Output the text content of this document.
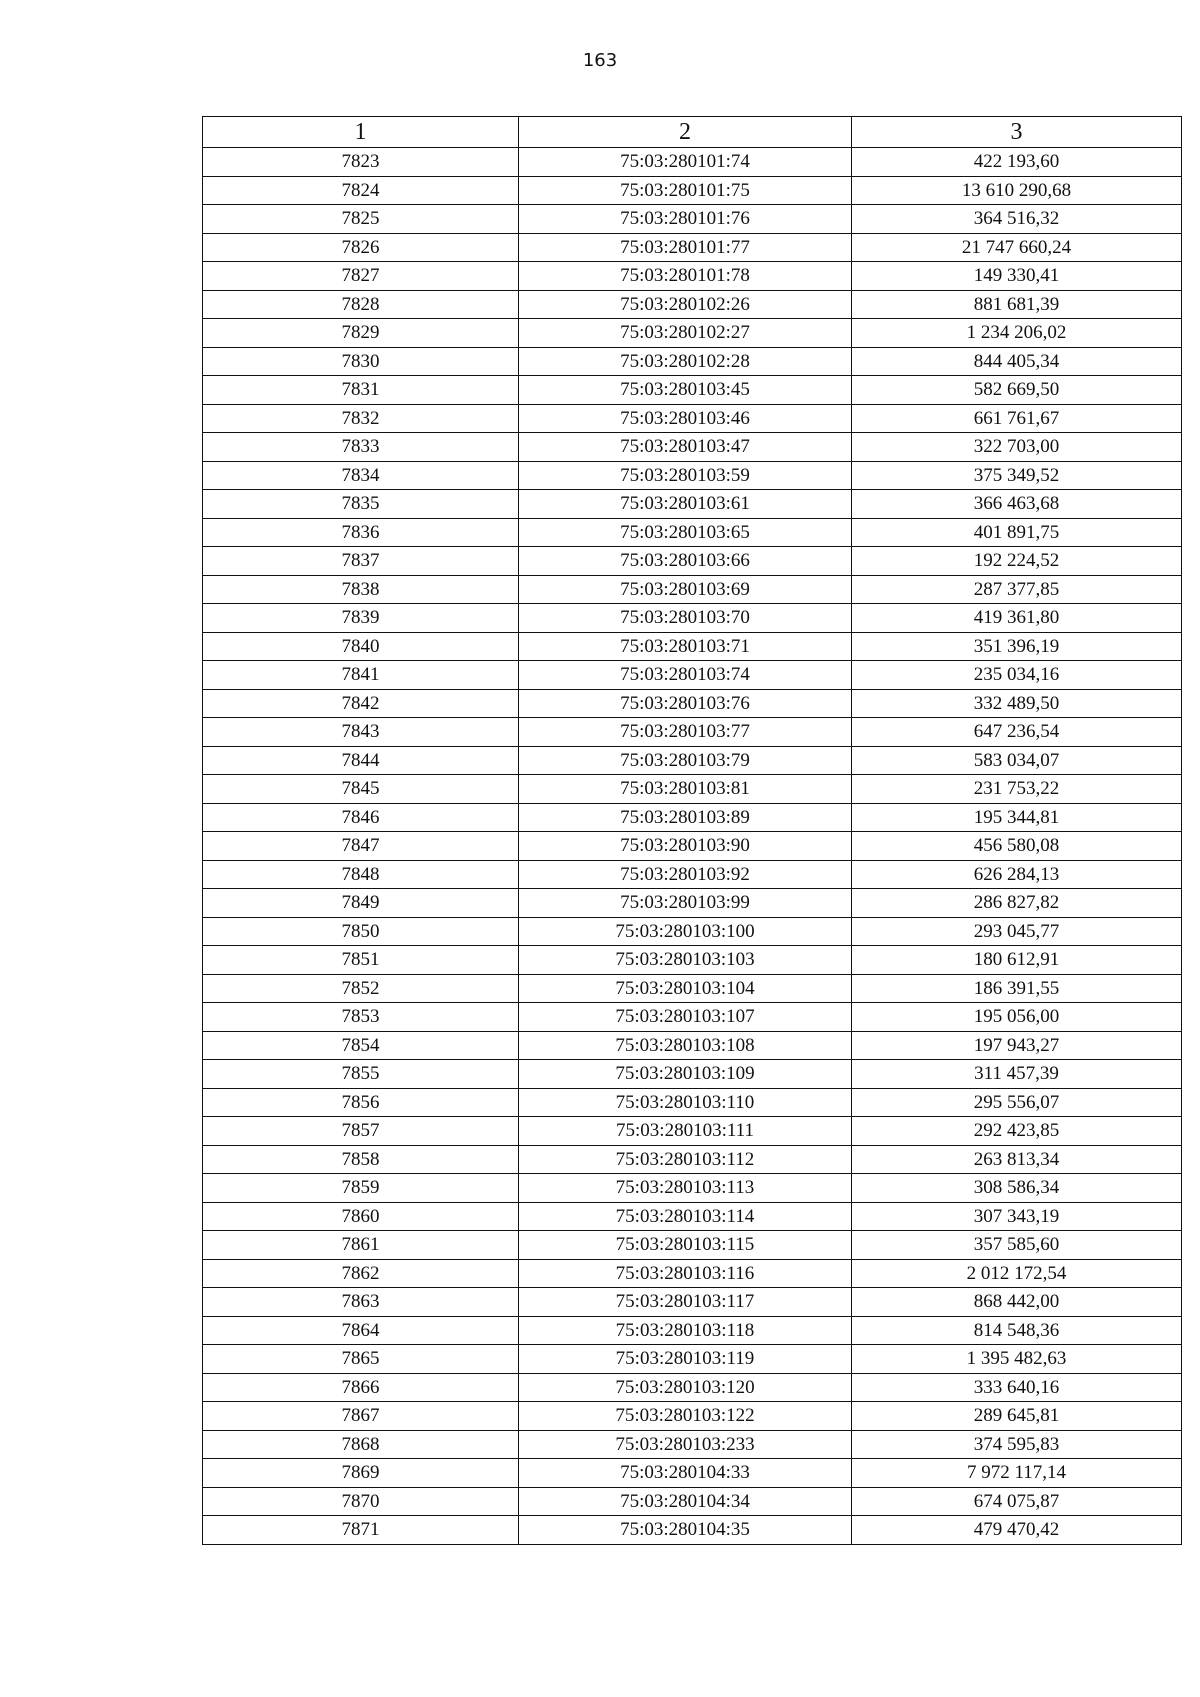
163
1	2	3
7823	75:03:280101:74	422 193,60
7824	75:03:280101:75	13 610 290,68
7825	75:03:280101:76	364 516,32
7826	75:03:280101:77	21 747 660,24
7827	75:03:280101:78	149 330,41
7828	75:03:280102:26	881 681,39
7829	75:03:280102:27	1 234 206,02
7830	75:03:280102:28	844 405,34
7831	75:03:280103:45	582 669,50
7832	75:03:280103:46	661 761,67
7833	75:03:280103:47	322 703,00
7834	75:03:280103:59	375 349,52
7835	75:03:280103:61	366 463,68
7836	75:03:280103:65	401 891,75
7837	75:03:280103:66	192 224,52
7838	75:03:280103:69	287 377,85
7839	75:03:280103:70	419 361,80
7840	75:03:280103:71	351 396,19
7841	75:03:280103:74	235 034,16
7842	75:03:280103:76	332 489,50
7843	75:03:280103:77	647 236,54
7844	75:03:280103:79	583 034,07
7845	75:03:280103:81	231 753,22
7846	75:03:280103:89	195 344,81
7847	75:03:280103:90	456 580,08
7848	75:03:280103:92	626 284,13
7849	75:03:280103:99	286 827,82
7850	75:03:280103:100	293 045,77
7851	75:03:280103:103	180 612,91
7852	75:03:280103:104	186 391,55
7853	75:03:280103:107	195 056,00
7854	75:03:280103:108	197 943,27
7855	75:03:280103:109	311 457,39
7856	75:03:280103:110	295 556,07
7857	75:03:280103:111	292 423,85
7858	75:03:280103:112	263 813,34
7859	75:03:280103:113	308 586,34
7860	75:03:280103:114	307 343,19
7861	75:03:280103:115	357 585,60
7862	75:03:280103:116	2 012 172,54
7863	75:03:280103:117	868 442,00
7864	75:03:280103:118	814 548,36
7865	75:03:280103:119	1 395 482,63
7866	75:03:280103:120	333 640,16
7867	75:03:280103:122	289 645,81
7868	75:03:280103:233	374 595,83
7869	75:03:280104:33	7 972 117,14
7870	75:03:280104:34	674 075,87
7871	75:03:280104:35	479 470,42
